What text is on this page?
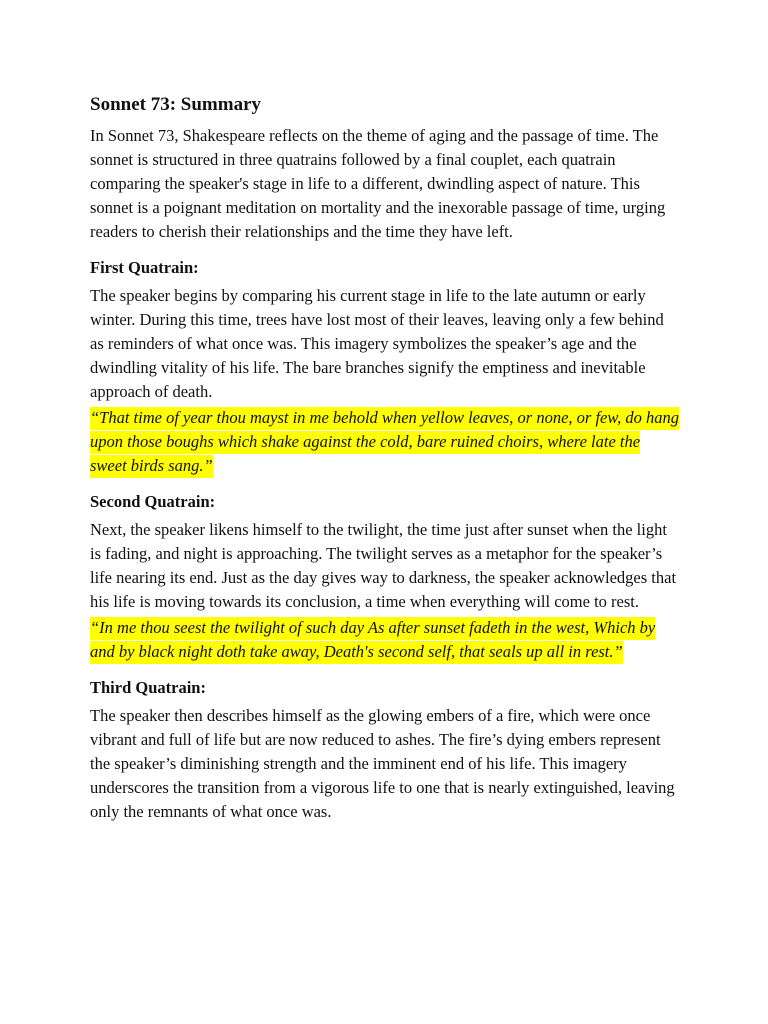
Sonnet 73: Summary

In Sonnet 73, Shakespeare reflects on the theme of aging and the passage of time. The sonnet is structured in three quatrains followed by a final couplet, each quatrain comparing the speaker's stage in life to a different, dwindling aspect of nature. This sonnet is a poignant meditation on mortality and the inexorable passage of time, urging readers to cherish their relationships and the time they have left.

First Quatrain:

The speaker begins by comparing his current stage in life to the late autumn or early winter. During this time, trees have lost most of their leaves, leaving only a few behind as reminders of what once was. This imagery symbolizes the speaker’s age and the dwindling vitality of his life. The bare branches signify the emptiness and inevitable approach of death.

“That time of year thou mayst in me behold when yellow leaves, or none, or few, do hang upon those boughs which shake against the cold, bare ruined choirs, where late the sweet birds sang.”

Second Quatrain:

Next, the speaker likens himself to the twilight, the time just after sunset when the light is fading, and night is approaching. The twilight serves as a metaphor for the speaker’s life nearing its end. Just as the day gives way to darkness, the speaker acknowledges that his life is moving towards its conclusion, a time when everything will come to rest.

“In me thou seest the twilight of such day As after sunset fadeth in the west, Which by and by black night doth take away, Death's second self, that seals up all in rest.”

Third Quatrain:

The speaker then describes himself as the glowing embers of a fire, which were once vibrant and full of life but are now reduced to ashes. The fire’s dying embers represent the speaker’s diminishing strength and the imminent end of his life. This imagery underscores the transition from a vigorous life to one that is nearly extinguished, leaving only the remnants of what once was.
